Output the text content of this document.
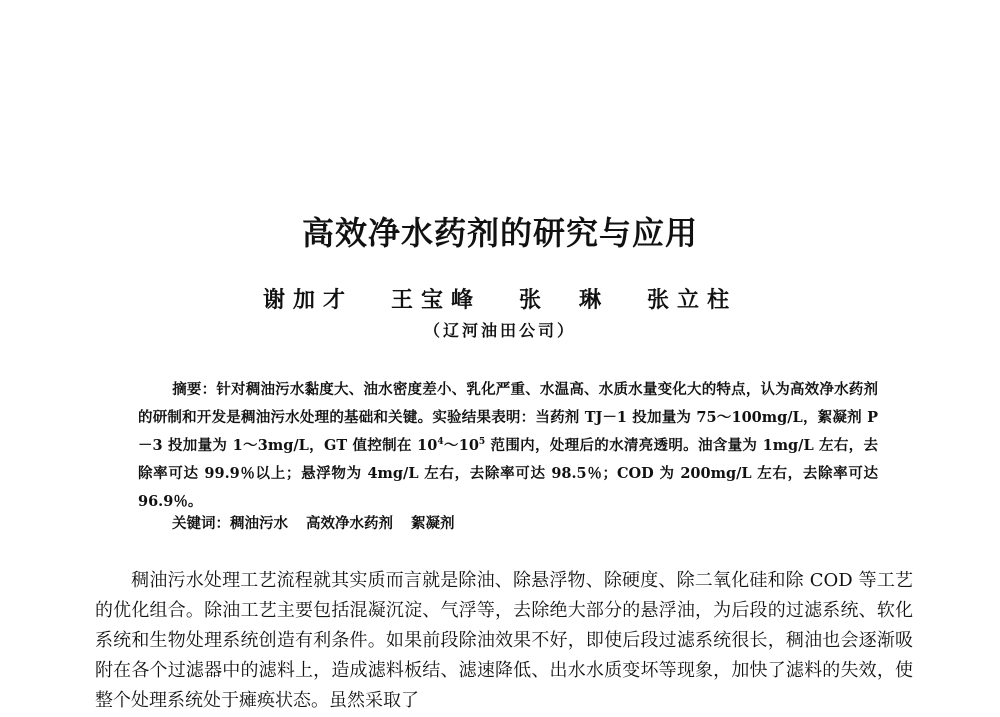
高效净水药剂的研究与应用
谢加才 王宝峰 张　琳 张立柱
（辽河油田公司）
摘要：针对稠油污水黏度大、油水密度差小、乳化严重、水温高、水质水量变化大的特点，认为高效净水药剂的研制和开发是稠油污水处理的基础和关键。实验结果表明：当药剂 TJ－1 投加量为 75～100mg/L，絮凝剂 P－3 投加量为 1～3mg/L，GT 值控制在 $10^4\sim 10^5$ 范围内，处理后的水清亮透明。油含量为 1mg/L 左右，去除率可达 99.9％以上；悬浮物为 4mg/L 左右，去除率可达 98.5％；COD 为 200mg/L 左右，去除率可达 96.9％。
关键词：稠油污水 高效净水药剂 絮凝剂
稠油污水处理工艺流程就其实质而言就是除油、除悬浮物、除硬度、除二氧化硅和除 COD 等工艺的优化组合。除油工艺主要包括混凝沉淀、气浮等，去除绝大部分的悬浮油，为后段的过滤系统、软化系统和生物处理系统创造有利条件。如果前段除油效果不好，即使后段过滤系统很长，稠油也会逐渐吸附在各个过滤器中的滤料上，造成滤料板结、滤速降低、出水水质变坏等现象，加快了滤料的失效，使整个处理系统处于瘫痪状态。虽然采取了
